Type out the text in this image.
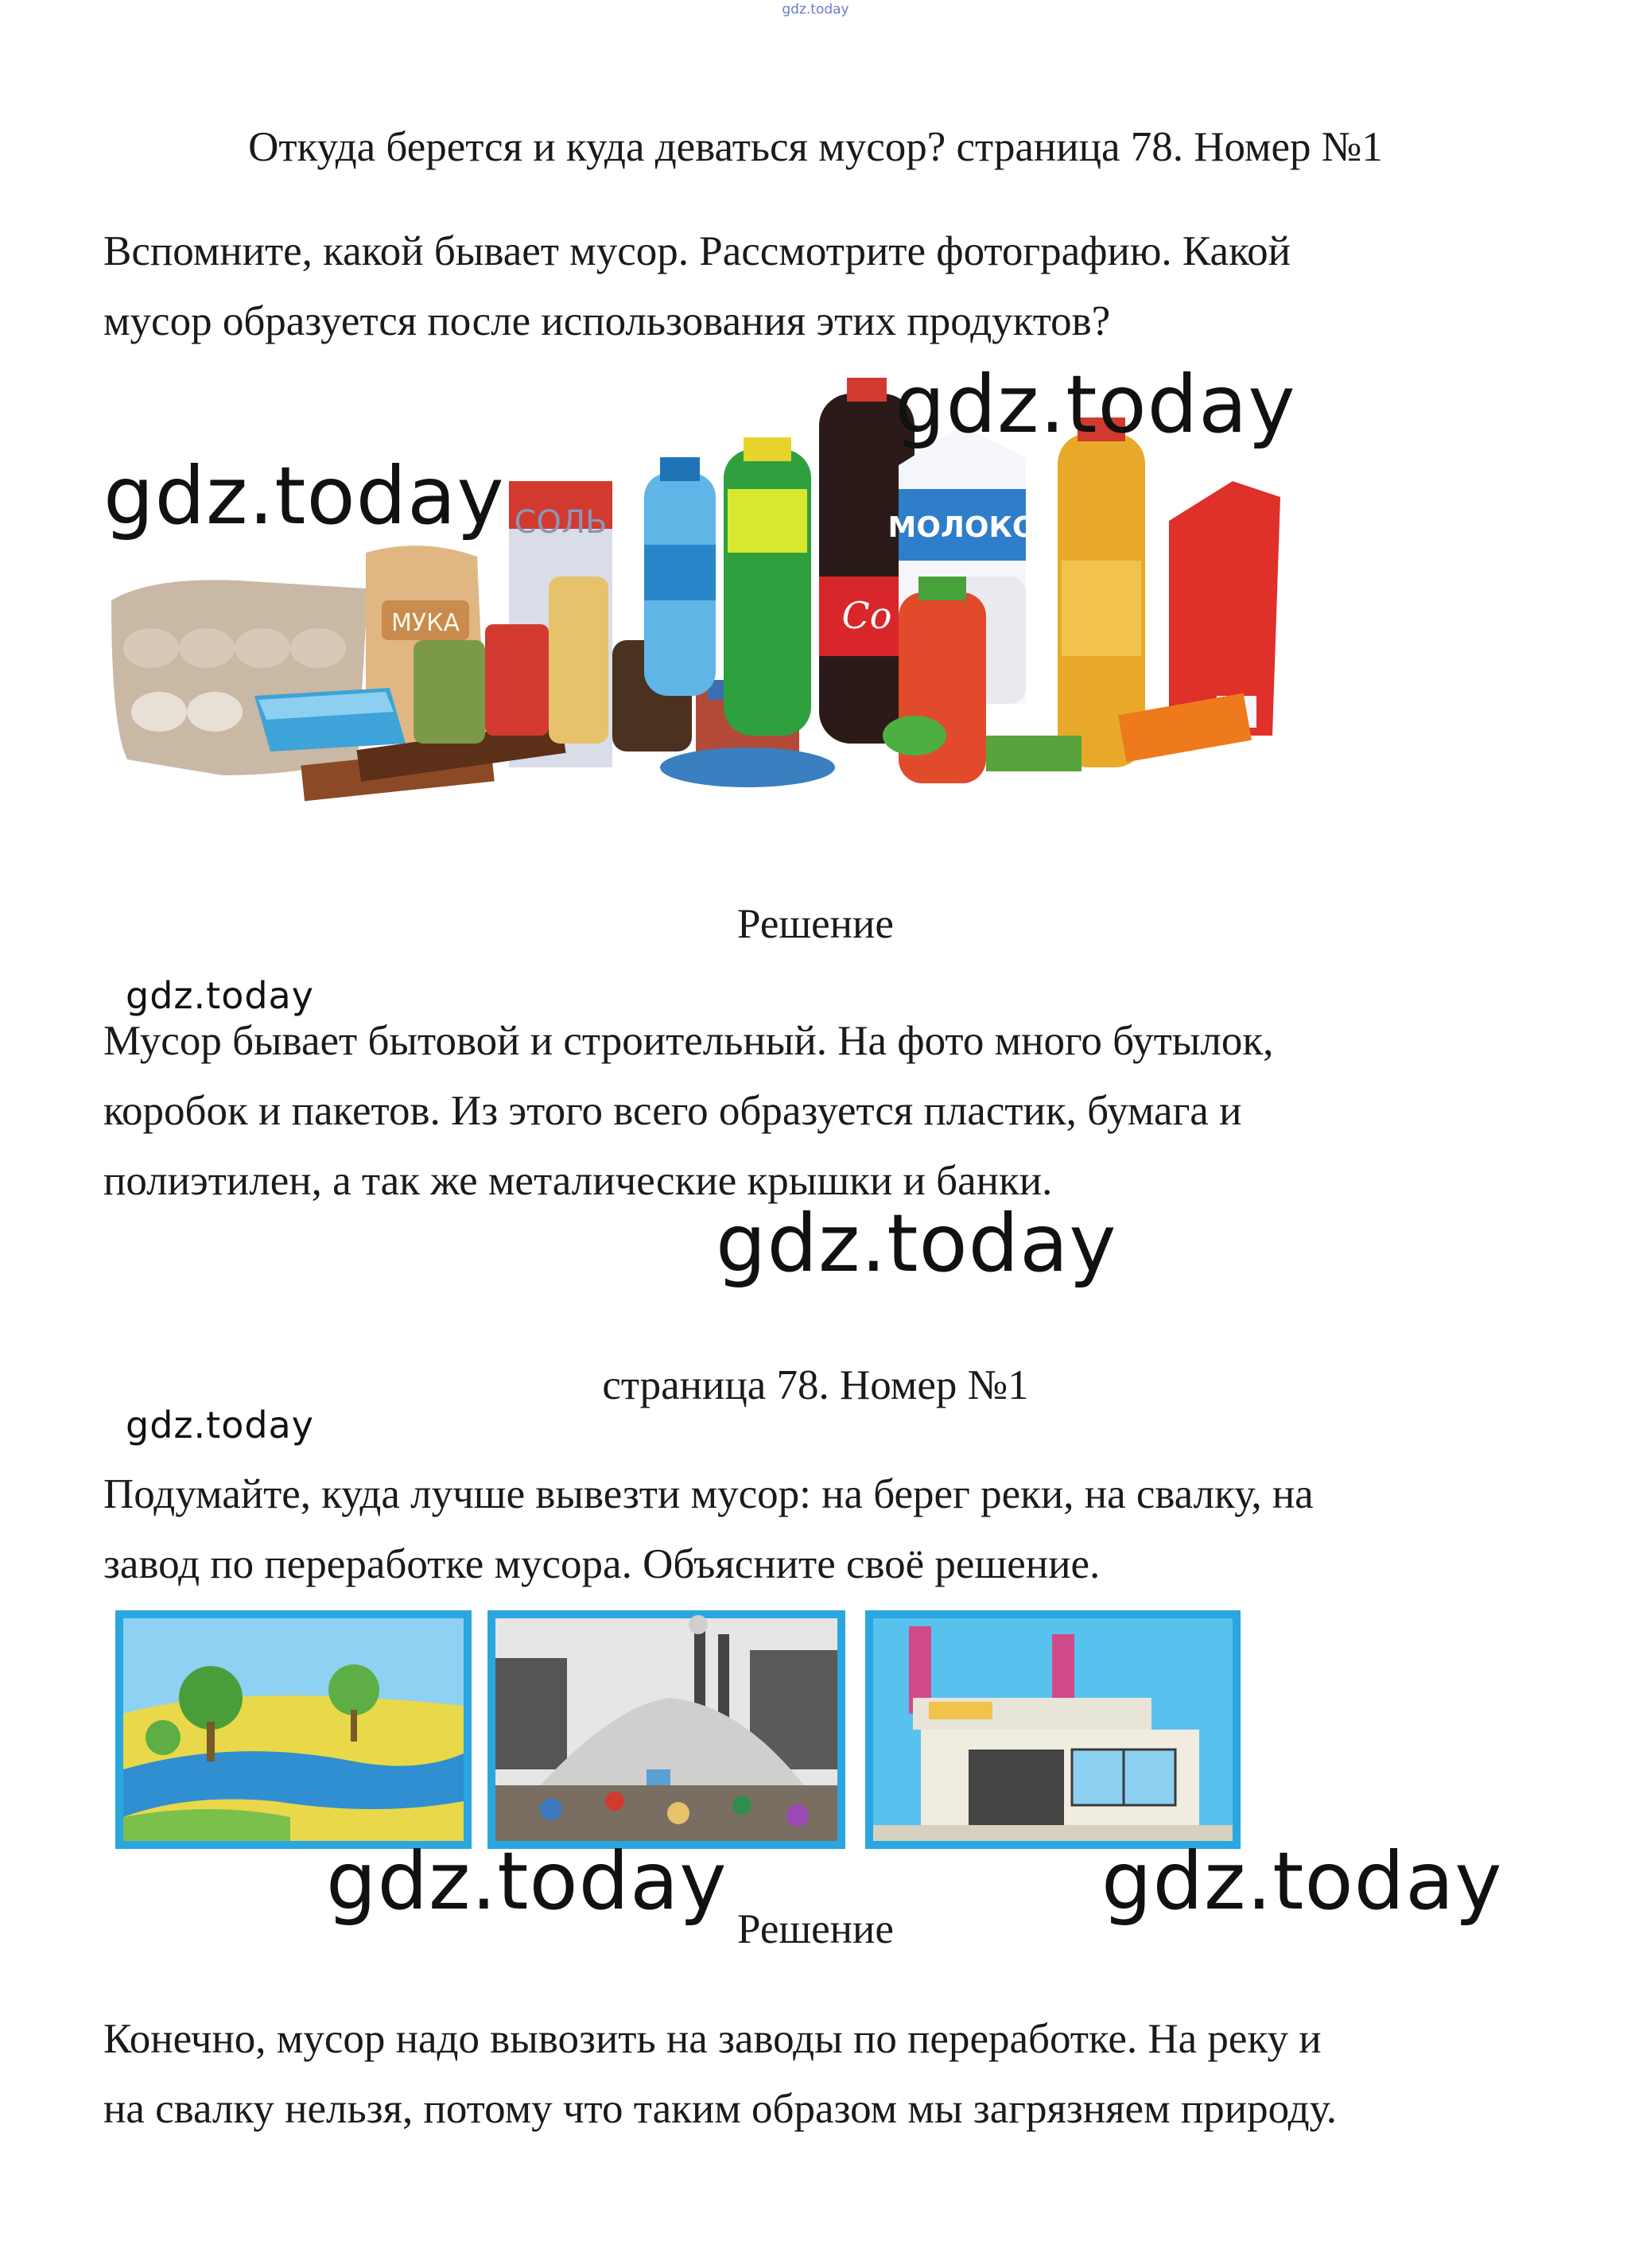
gdz.today
Откуда берется и куда деваться мусор? страница 78. Номер №1
Вспомните, какой бывает мусор. Рассмотрите фотографию. Какой
мусор образуется после использования этих продуктов?
МУКА
СОЛЬ
Co
МОЛОКО
gdz.today
gdz.today
Решение
gdz.today
Мусор бывает бытовой и строительный. На фото много бутылок,
коробок и пакетов. Из этого всего образуется пластик, бумага и
полиэтилен, а так же металические крышки и банки.
gdz.today
страница 78. Номер №1
gdz.today
Подумайте, куда лучше вывезти мусор: на берег реки, на свалку, на
завод по переработке мусора. Объясните своё решение.
gdz.today	gdz.today
Решение
Конечно, мусор надо вывозить на заводы по переработке. На реку и
на свалку нельзя, потому что таким образом мы загрязняем природу.
